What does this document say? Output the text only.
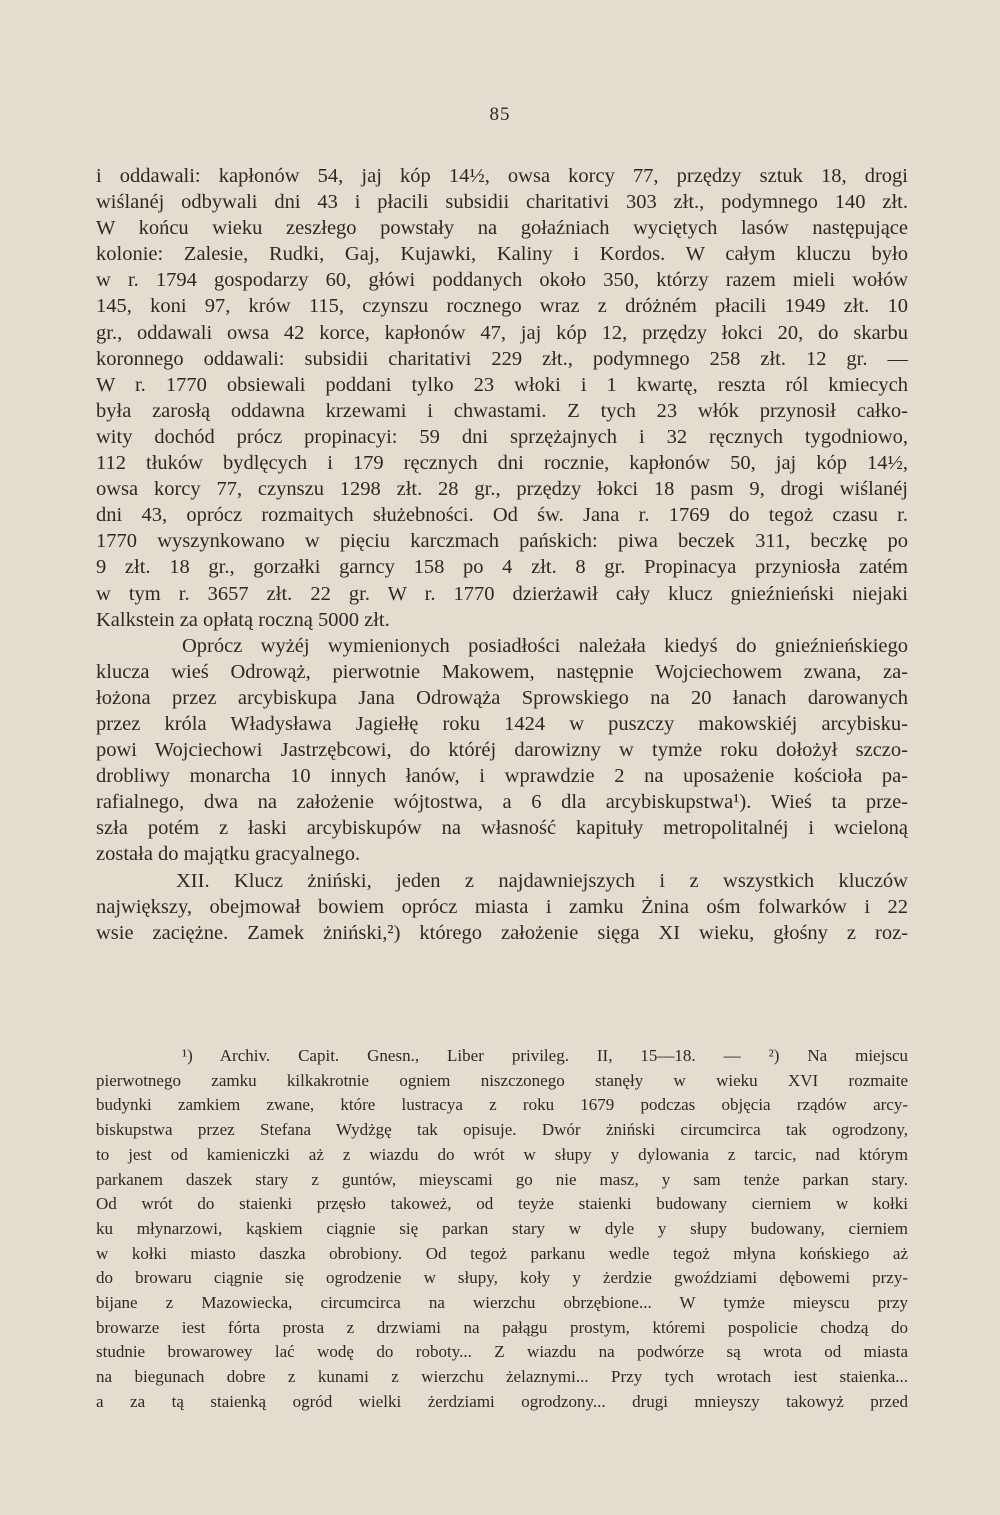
85
i oddawali: kapłonów 54, jaj kóp 14½, owsa korcy 77, przędzy sztuk 18, drogi
wiślanéj odbywali dni 43 i płacili subsidii charitativi 303 złt., podymnego 140 złt.
W końcu wieku zeszłego powstały na gołaźniach wyciętych lasów następujące
kolonie: Zalesie, Rudki, Gaj, Kujawki, Kaliny i Kordos. W całym kluczu było
w r. 1794 gospodarzy 60, główi poddanych około 350, którzy razem mieli wołów
145, koni 97, krów 115, czynszu rocznego wraz z dróżném płacili 1949 złt. 10
gr., oddawali owsa 42 korce, kapłonów 47, jaj kóp 12, przędzy łokci 20, do skarbu
koronnego oddawali: subsidii charitativi 229 złt., podymnego 258 złt. 12 gr. —
W r. 1770 obsiewali poddani tylko 23 włoki i 1 kwartę, reszta ról kmiecych
była zarosłą oddawna krzewami i chwastami. Z tych 23 włók przynosił całko-
wity dochód prócz propinacyi: 59 dni sprzężajnych i 32 ręcznych tygodniowo,
112 tłuków bydlęcych i 179 ręcznych dni rocznie, kapłonów 50, jaj kóp 14½,
owsa korcy 77, czynszu 1298 złt. 28 gr., przędzy łokci 18 pasm 9, drogi wiślanéj
dni 43, oprócz rozmaitych służebności. Od św. Jana r. 1769 do tegoż czasu r.
1770 wyszynkowano w pięciu karczmach pańskich: piwa beczek 311, beczkę po
9 złt. 18 gr., gorzałki garncy 158 po 4 złt. 8 gr. Propinacya przyniosła zatém
w tym r. 3657 złt. 22 gr. W r. 1770 dzierżawił cały klucz gnieźnieński niejaki
Kalkstein za opłatą roczną 5000 złt.
Oprócz wyżéj wymienionych posiadłości należała kiedyś do gnieźnieńskiego
klucza wieś Odrowąż, pierwotnie Makowem, następnie Wojciechowem zwana, za-
łożona przez arcybiskupa Jana Odrowąża Sprowskiego na 20 łanach darowanych
przez króla Władysława Jagiełłę roku 1424 w puszczy makowskiéj arcybisku-
powi Wojciechowi Jastrzębcowi, do któréj darowizny w tymże roku dołożył szczo-
drobliwy monarcha 10 innych łanów, i wprawdzie 2 na uposażenie kościoła pa-
rafialnego, dwa na założenie wójtostwa, a 6 dla arcybiskupstwa¹). Wieś ta prze-
szła potém z łaski arcybiskupów na własność kapituły metropolitalnéj i wcieloną
została do majątku gracyalnego.
XII. Klucz żniński, jeden z najdawniejszych i z wszystkich kluczów
największy, obejmował bowiem oprócz miasta i zamku Żnina ośm folwarków i 22
wsie zaciężne. Zamek żniński,²) którego założenie sięga XI wieku, głośny z roz-
¹) Archiv. Capit. Gnesn., Liber privileg. II, 15—18. — ²) Na miejscu
pierwotnego zamku kilkakrotnie ogniem niszczonego stanęły w wieku XVI rozmaite
budynki zamkiem zwane, które lustracya z roku 1679 podczas objęcia rządów arcy-
biskupstwa przez Stefana Wydżgę tak opisuje. Dwór żniński circumcirca tak ogrodzony,
to jest od kamieniczki aż z wiazdu do wrót w słupy y dylowania z tarcic, nad którym
parkanem daszek stary z guntów, mieyscami go nie masz, y sam tenże parkan stary.
Od wrót do staienki przęsło takoweż, od teyże staienki budowany cierniem w kołki
ku młynarzowi, kąskiem ciągnie się parkan stary w dyle y słupy budowany, cierniem
w kołki miasto daszka obrobiony. Od tegoż parkanu wedle tegoż młyna końskiego aż
do browaru ciągnie się ogrodzenie w słupy, koły y żerdzie gwoździami dębowemi przy-
bijane z Mazowiecka, circumcirca na wierzchu obrzębione... W tymże mieyscu przy
browarze iest fórta prosta z drzwiami na pałągu prostym, któremi pospolicie chodzą do
studnie browarowey lać wodę do roboty... Z wiazdu na podwórze są wrota od miasta
na biegunach dobre z kunami z wierzchu żelaznymi... Przy tych wrotach iest staienka...
a za tą staienką ogród wielki żerdziami ogrodzony... drugi mnieyszy takowyż przed
